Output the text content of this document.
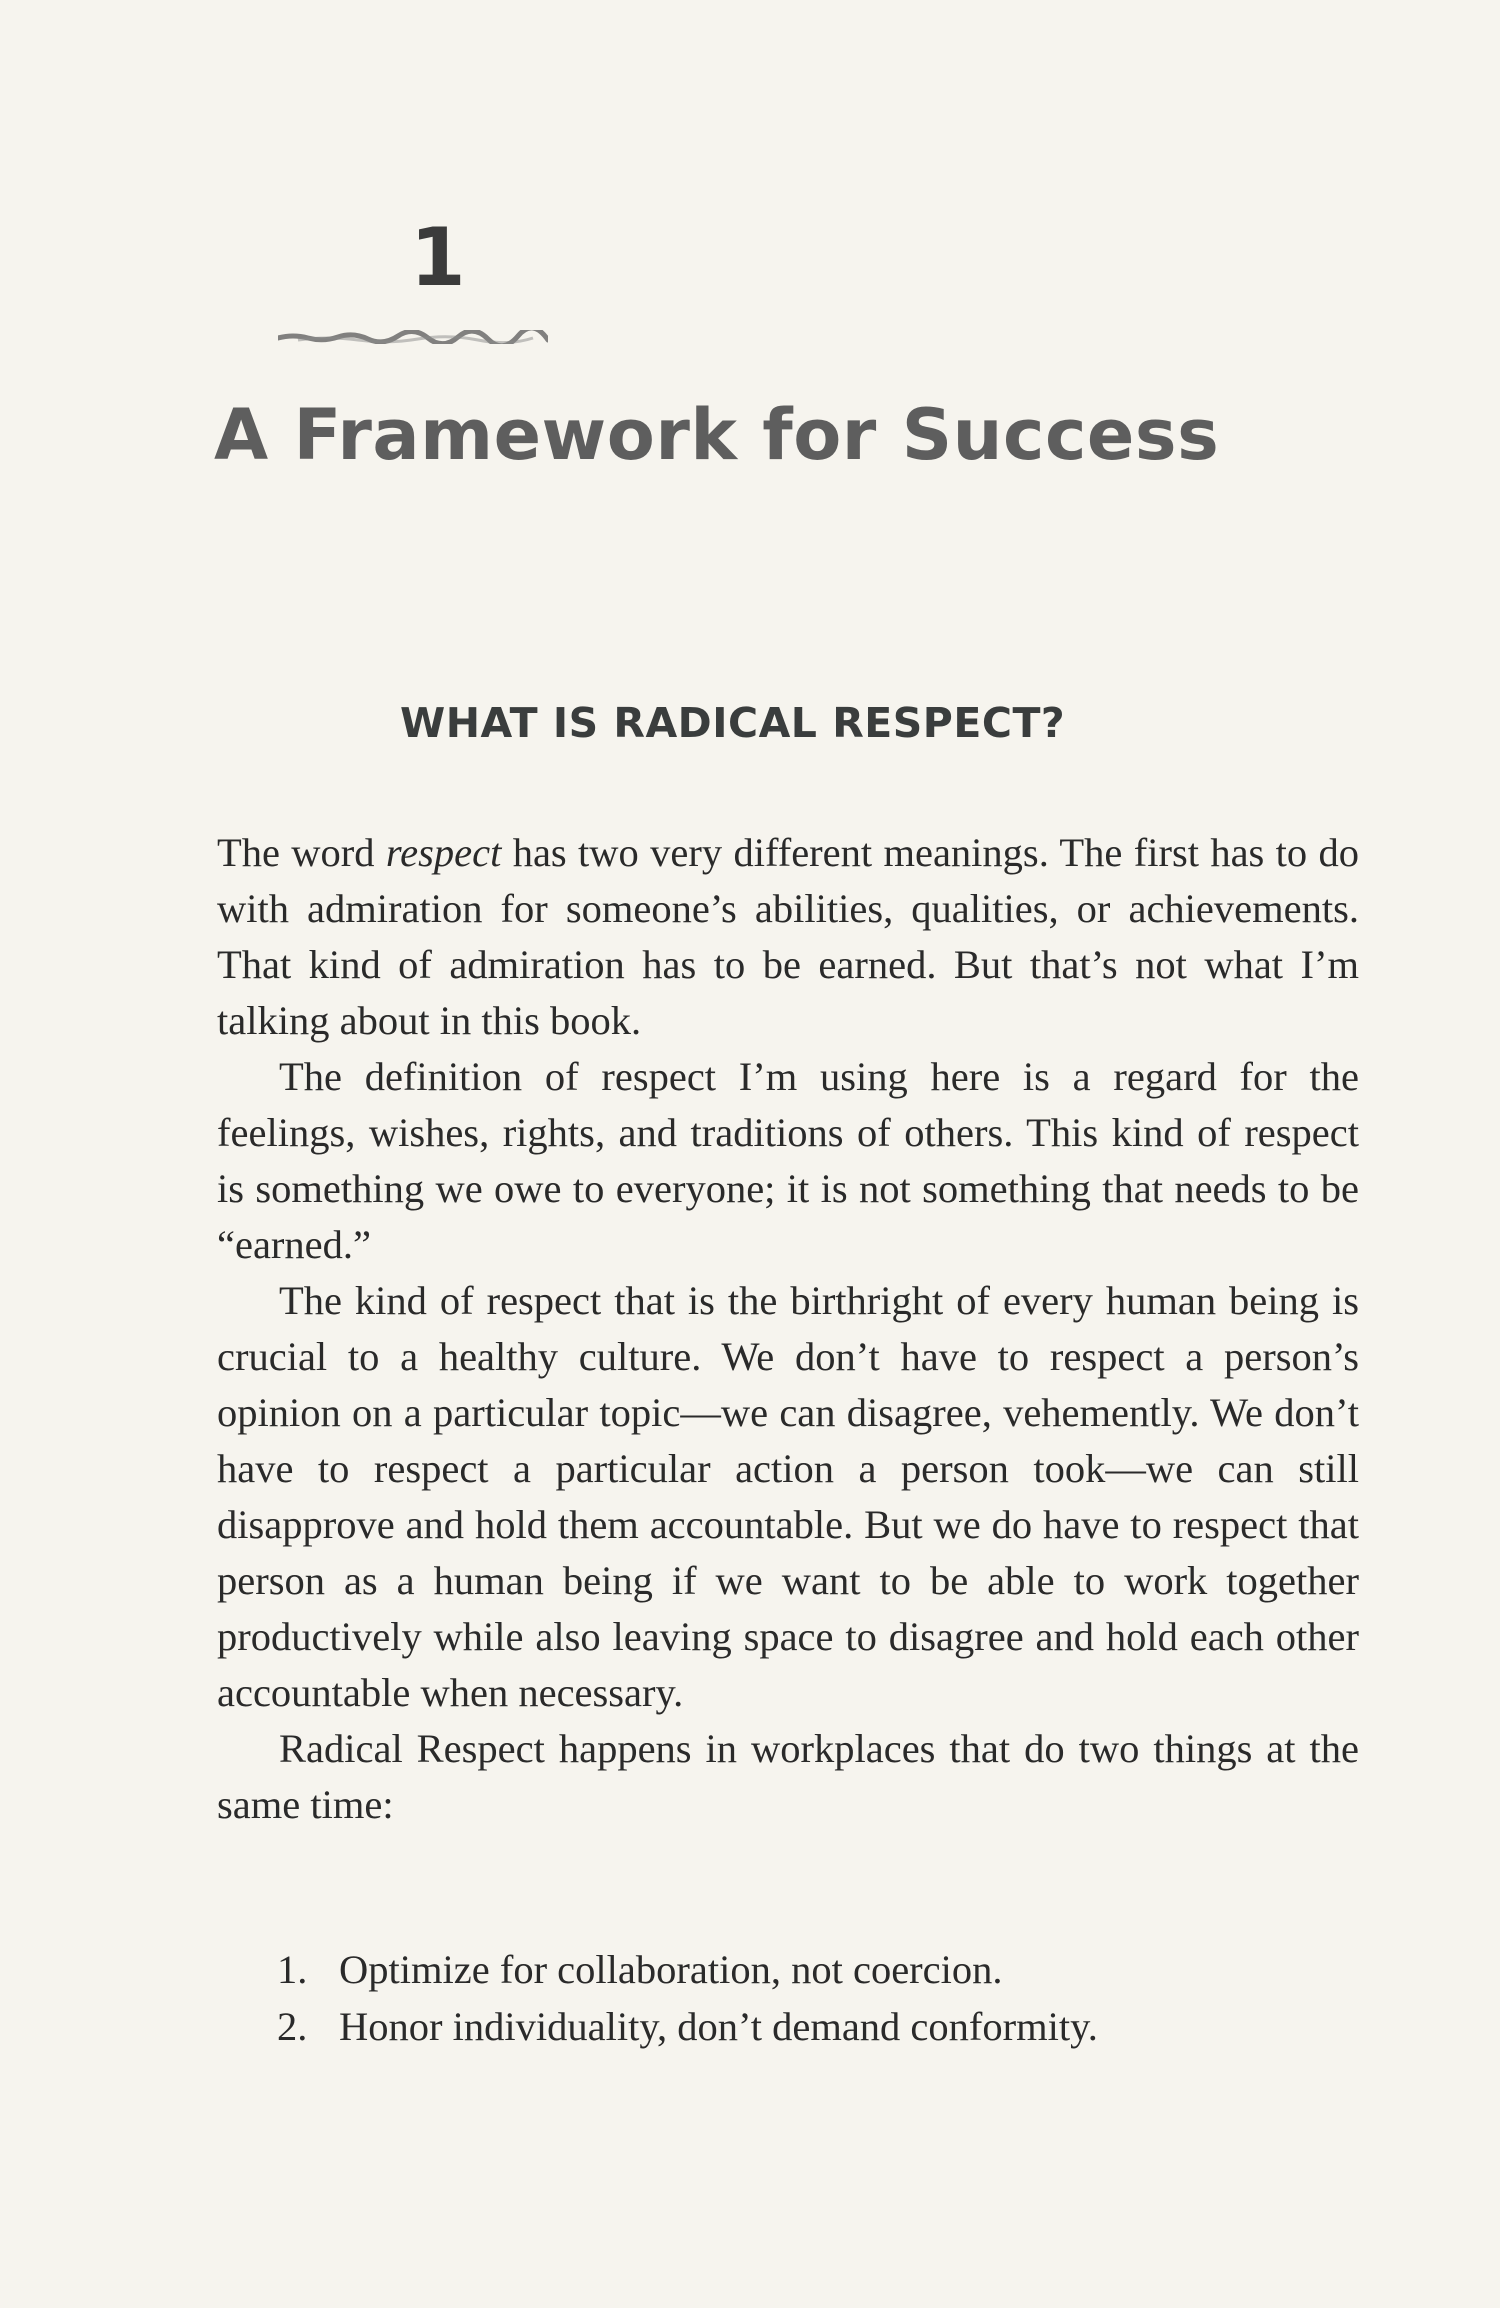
1
A Framework for Success
WHAT IS RADICAL RESPECT?

The word respect has two very different meanings. The first has to do with admiration for someone’s abilities, qualities, or achievements. That kind of admiration has to be earned. But that’s not what I’m talking about in this book.

The definition of respect I’m using here is a regard for the feelings, wishes, rights, and traditions of others. This kind of respect is something we owe to everyone; it is not something that needs to be “earned.”

The kind of respect that is the birthright of every human being is crucial to a healthy culture. We don’t have to respect a person’s opinion on a particular topic—we can disagree, vehemently. We don’t have to respect a particular action a person took—we can still disapprove and hold them accountable. But we do have to respect that person as a human being if we want to be able to work together productively while also leaving space to disagree and hold each other accountable when necessary.

Radical Respect happens in workplaces that do two things at the same time:

1. Optimize for collaboration, not coercion.
2. Honor individuality, don’t demand conformity.
